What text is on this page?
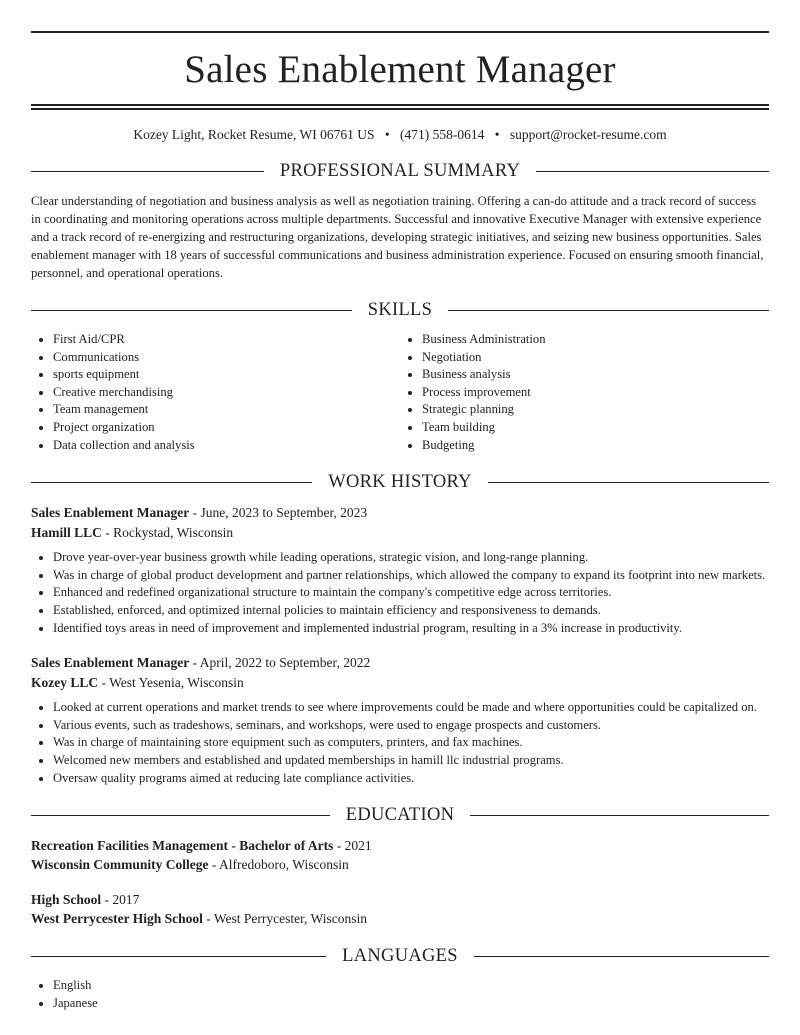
Sales Enablement Manager
Kozey Light, Rocket Resume, WI 06761 US • (471) 558-0614 • support@rocket-resume.com
PROFESSIONAL SUMMARY

Clear understanding of negotiation and business analysis as well as negotiation training. Offering a can-do attitude and a track record of success in coordinating and monitoring operations across multiple departments. Successful and innovative Executive Manager with extensive experience and a track record of re-energizing and restructuring organizations, developing strategic initiatives, and seizing new business opportunities. Sales enablement manager with 18 years of successful communications and business administration experience. Focused on ensuring smooth financial, personnel, and operational operations.

SKILLS
• First Aid/CPR
• Communications
• sports equipment
• Creative merchandising
• Team management
• Project organization
• Data collection and analysis
• Business Administration
• Negotiation
• Business analysis
• Process improvement
• Strategic planning
• Team building
• Budgeting
WORK HISTORY
Sales Enablement Manager - June, 2023 to September, 2023
Hamill LLC - Rockystad, Wisconsin
• Drove year-over-year business growth while leading operations, strategic vision, and long-range planning.
• Was in charge of global product development and partner relationships, which allowed the company to expand its footprint into new markets.
• Enhanced and redefined organizational structure to maintain the company's competitive edge across territories.
• Established, enforced, and optimized internal policies to maintain efficiency and responsiveness to demands.
• Identified toys areas in need of improvement and implemented industrial program, resulting in a 3% increase in productivity.
Sales Enablement Manager - April, 2022 to September, 2022
Kozey LLC - West Yesenia, Wisconsin
• Looked at current operations and market trends to see where improvements could be made and where opportunities could be capitalized on.
• Various events, such as tradeshows, seminars, and workshops, were used to engage prospects and customers.
• Was in charge of maintaining store equipment such as computers, printers, and fax machines.
• Welcomed new members and established and updated memberships in hamill llc industrial programs.
• Oversaw quality programs aimed at reducing late compliance activities.
EDUCATION
Recreation Facilities Management - Bachelor of Arts - 2021
Wisconsin Community College - Alfredoboro, Wisconsin
High School - 2017
West Perrycester High School - West Perrycester, Wisconsin
LANGUAGES
• English
• Japanese
